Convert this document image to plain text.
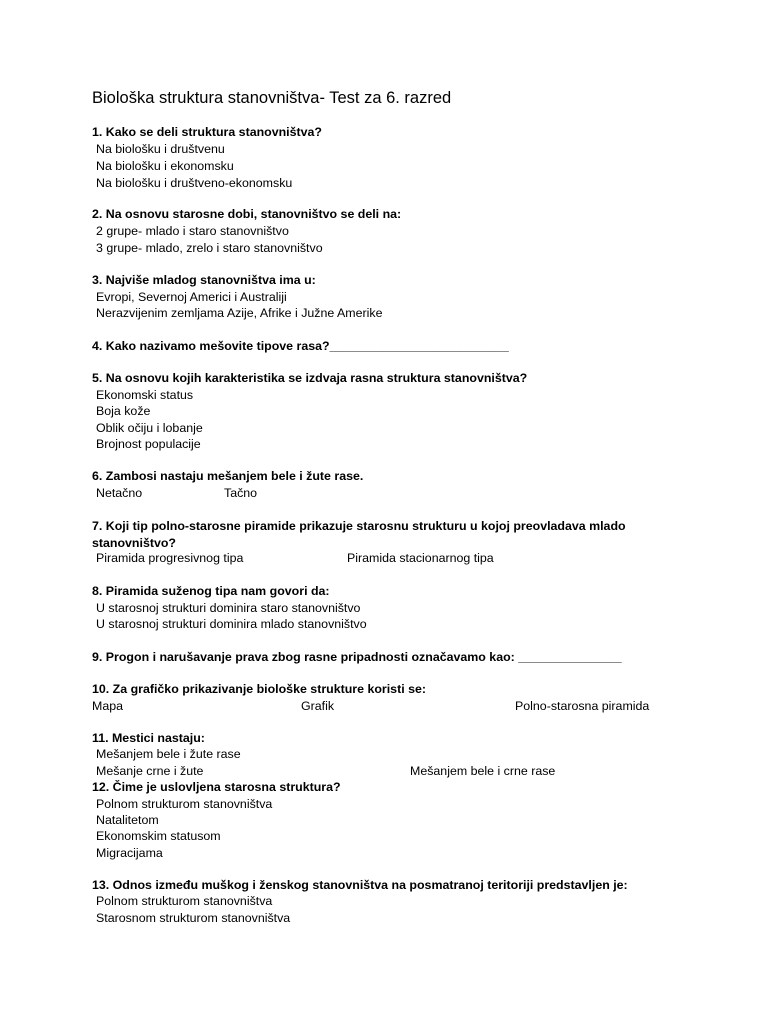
Biološka struktura stanovništva- Test za 6. razred

1. Kako se deli struktura stanovništva?

Na biološku i društvenu

Na biološku i ekonomsku

Na biološku i društveno-ekonomsku

2. Na osnovu starosne dobi, stanovništvo se deli na:

2 grupe- mlado i staro stanovništvo

3 grupe- mlado, zrelo i staro stanovništvo

3. Najviše mladog stanovništva ima u:

Evropi, Severnoj Americi i Australiji

Nerazvijenim zemljama Azije, Afrike i Južne Amerike

4. Kako nazivamo mešovite tipove rasa?__________________________

5. Na osnovu kojih karakteristika se izdvaja rasna struktura stanovništva?

Ekonomski status

Boja kože

Oblik očiju i lobanje

Brojnost populacije

6. Zambosi nastaju mešanjem bele i žute rase.

Netačno	Tačno

7. Koji tip polno-starosne piramide prikazuje starosnu strukturu u kojoj preovladava mlado stanovništvo?

Piramida progresivnog tipa	Piramida stacionarnog tipa

8. Piramida suženog tipa nam govori da:

U starosnoj strukturi dominira staro stanovništvo

U starosnoj strukturi dominira mlado stanovništvo

9. Progon i narušavanje prava zbog rasne pripadnosti označavamo kao: _______________

10. Za grafičko prikazivanje biološke strukture koristi se:

Mapa	Grafik	Polno-starosna piramida

11. Mestici nastaju:

Mešanjem bele i žute rase

Mešanje crne i žute	Mešanjem bele i crne rase

12. Čime je uslovljena starosna struktura?

Polnom strukturom stanovništva

Natalitetom

Ekonomskim statusom

Migracijama

13. Odnos između muškog i ženskog stanovništva na posmatranoj teritoriji predstavljen je:

Polnom strukturom stanovništva

Starosnom strukturom stanovništva
